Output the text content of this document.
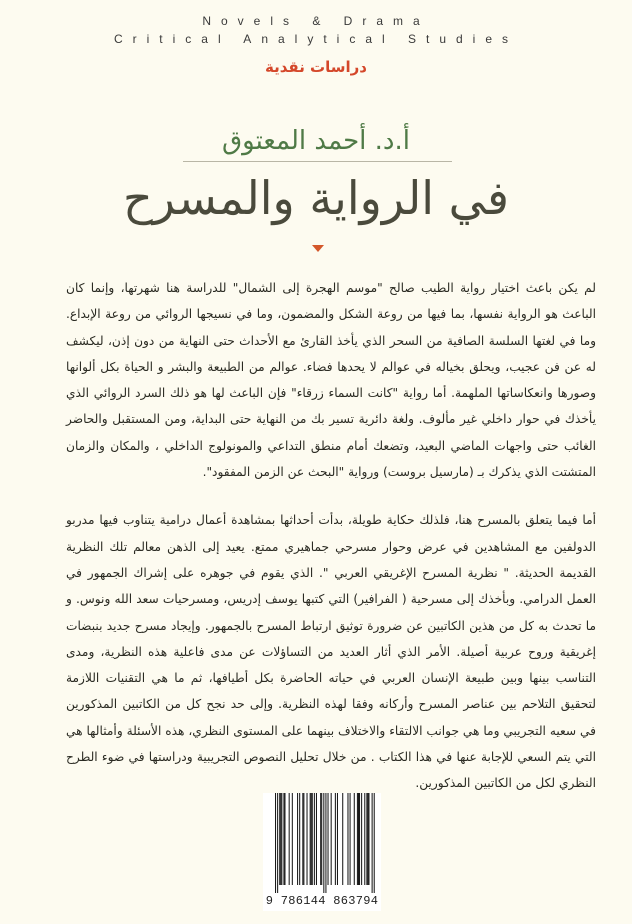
Novels & Drama
Critical Analytical Studies
دراسات نقدية
أ.د. أحمد المعتوق
في الرواية والمسرح

لم يكن باعث اختيار رواية الطيب صالح "موسم الهجرة إلى الشمال" للدراسة هنا شهرتها، وإنما كان الباعث هو الرواية نفسها، بما فيها من روعة الشكل والمضمون، وما في نسيجها الروائي من روعة الإبداع. وما في لغتها السلسة الصافية من السحر الذي يأخذ القارئ مع الأحداث حتى النهاية من دون إذن، ليكشف له عن فن عجيب، ويحلق بخياله في عوالم لا يحدها فضاء. عوالم من الطبيعة والبشر و الحياة بكل ألوانها وصورها وانعكاساتها الملهمة. أما رواية "كانت السماء زرقاء" فإن الباعث لها هو ذلك السرد الروائي الذي يأخذك في حوار داخلي غير مألوف. ولغة دائرية تسير بك من النهاية حتى البداية، ومن المستقبل والحاضر الغائب حتى واجهات الماضي البعيد، وتضعك أمام منطق التداعي والمونولوج الداخلي ، والمكان والزمان المتشتت الذي يذكرك بـ (مارسيل بروست) ورواية "البحث عن الزمن المفقود".

أما فيما يتعلق بالمسرح هنا، فلذلك حكاية طويلة، بدأت أحداثها بمشاهدة أعمال درامية يتناوب فيها مدربو الدولفين مع المشاهدين في عرض وحوار مسرحي جماهيري ممتع. يعيد إلى الذهن معالم تلك النظرية القديمة الحديثة. " نظرية المسرح الإغريقي العربي ". الذي يقوم في جوهره على إشراك الجمهور في العمل الدرامي. وبأخذك إلى مسرحية ( الفرافير) التي كتبها يوسف إدريس، ومسرحيات سعد الله ونوس. و ما تحدث به كل من هذين الكاتبين عن ضرورة توثيق ارتباط المسرح بالجمهور. وإيجاد مسرح جديد بنبضات إغريقية وروح عربية أصيلة. الأمر الذي أثار العديد من التساؤلات عن مدى فاعلية هذه النظرية، ومدى التناسب بينها وبين طبيعة الإنسان العربي في حياته الحاضرة بكل أطيافها، ثم ما هي التقنيات اللازمة لتحقيق التلاحم بين عناصر المسرح وأركانه وفقا لهذه النظرية. وإلى حد نجح كل من الكاتبين المذكورين في سعيه التجريبي وما هي جوانب الالتقاء والاختلاف بينهما على المستوى النظري، هذه الأسئلة وأمثالها هي التي يتم السعي للإجابة عنها في هذا الكتاب . من خلال تحليل النصوص التجريبية ودراستها في ضوء الطرح النظري لكل من الكاتبين المذكورين.

9 786144 863794
